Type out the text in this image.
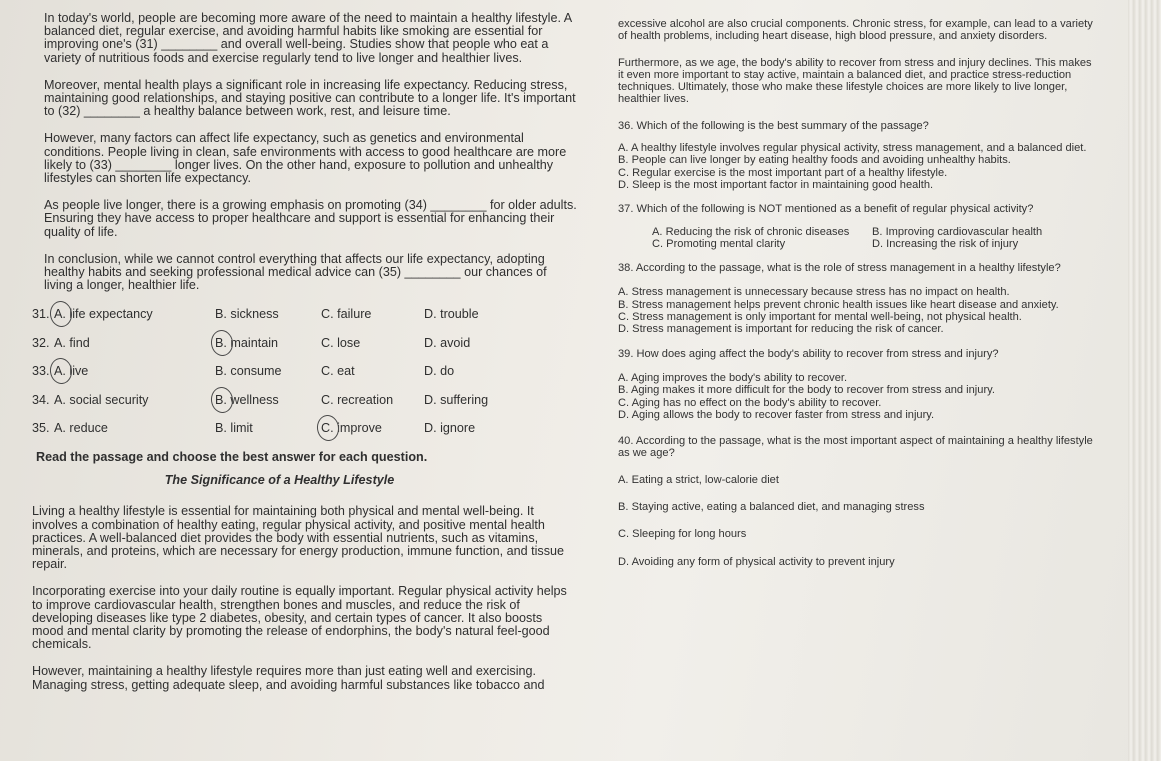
In today's world, people are becoming more aware of the need to maintain a healthy lifestyle. A balanced diet, regular exercise, and avoiding harmful habits like smoking are essential for improving one's (31) ________ and overall well-being. Studies show that people who eat a variety of nutritious foods and exercise regularly tend to live longer and healthier lives.

Moreover, mental health plays a significant role in increasing life expectancy. Reducing stress, maintaining good relationships, and staying positive can contribute to a longer life. It's important to (32) ________ a healthy balance between work, rest, and leisure time.

However, many factors can affect life expectancy, such as genetics and environmental conditions. People living in clean, safe environments with access to good healthcare are more likely to (33) ________ longer lives. On the other hand, exposure to pollution and unhealthy lifestyles can shorten life expectancy.

As people live longer, there is a growing emphasis on promoting (34) ________ for older adults. Ensuring they have access to proper healthcare and support is essential for enhancing their quality of life.

In conclusion, while we cannot control everything that affects our life expectancy, adopting healthy habits and seeking professional medical advice can (35) ________ our chances of living a longer, healthier life.

31. A. life expectancy	B. sickness	C. failure	D. trouble
32. A. find	B. maintain	C. lose	D. avoid
33. A. live	B. consume	C. eat	D. do
34. A. social security	B. wellness	C. recreation	D. suffering
35. A. reduce	B. limit	C. improve	D. ignore

Read the passage and choose the best answer for each question.

The Significance of a Healthy Lifestyle

Living a healthy lifestyle is essential for maintaining both physical and mental well-being. It involves a combination of healthy eating, regular physical activity, and positive mental health practices. A well-balanced diet provides the body with essential nutrients, such as vitamins, minerals, and proteins, which are necessary for energy production, immune function, and tissue repair.

Incorporating exercise into your daily routine is equally important. Regular physical activity helps to improve cardiovascular health, strengthen bones and muscles, and reduce the risk of developing diseases like type 2 diabetes, obesity, and certain types of cancer. It also boosts mood and mental clarity by promoting the release of endorphins, the body's natural feel-good chemicals.

However, maintaining a healthy lifestyle requires more than just eating well and exercising. Managing stress, getting adequate sleep, and avoiding harmful substances like tobacco and

excessive alcohol are also crucial components. Chronic stress, for example, can lead to a variety of health problems, including heart disease, high blood pressure, and anxiety disorders.

Furthermore, as we age, the body's ability to recover from stress and injury declines. This makes it even more important to stay active, maintain a balanced diet, and practice stress-reduction techniques. Ultimately, those who make these lifestyle choices are more likely to live longer, healthier lives.

36. Which of the following is the best summary of the passage?

A. A healthy lifestyle involves regular physical activity, stress management, and a balanced diet.

B. People can live longer by eating healthy foods and avoiding unhealthy habits.

C. Regular exercise is the most important part of a healthy lifestyle.

D. Sleep is the most important factor in maintaining good health.

37. Which of the following is NOT mentioned as a benefit of regular physical activity?

A. Reducing the risk of chronic diseases	B. Improving cardiovascular health

C. Promoting mental clarity	D. Increasing the risk of injury

38. According to the passage, what is the role of stress management in a healthy lifestyle?

A. Stress management is unnecessary because stress has no impact on health.

B. Stress management helps prevent chronic health issues like heart disease and anxiety.

C. Stress management is only important for mental well-being, not physical health.

D. Stress management is important for reducing the risk of cancer.

39. How does aging affect the body's ability to recover from stress and injury?

A. Aging improves the body's ability to recover.

B. Aging makes it more difficult for the body to recover from stress and injury.

C. Aging has no effect on the body's ability to recover.

D. Aging allows the body to recover faster from stress and injury.

40. According to the passage, what is the most important aspect of maintaining a healthy lifestyle as we age?

A. Eating a strict, low-calorie diet

B. Staying active, eating a balanced diet, and managing stress

C. Sleeping for long hours

D. Avoiding any form of physical activity to prevent injury
